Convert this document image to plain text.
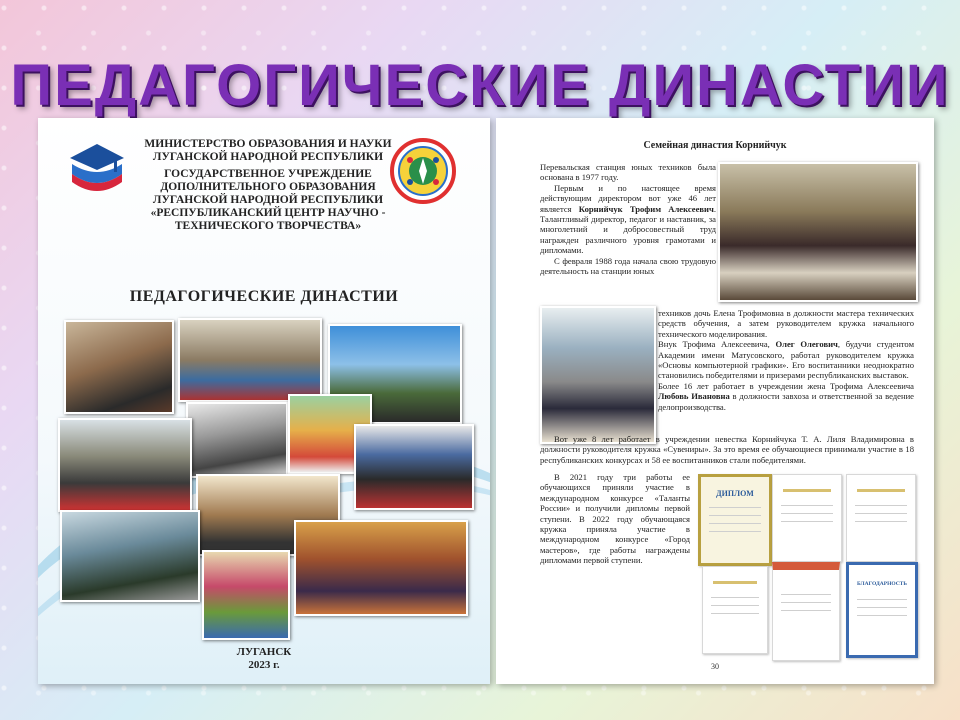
ПЕДАГОГИЧЕСКИЕ ДИНАСТИИ
МИНИСТЕРСТВО ОБРАЗОВАНИЯ И НАУКИ
ЛУГАНСКОЙ НАРОДНОЙ РЕСПУБЛИКИ
ГОСУДАРСТВЕННОЕ УЧРЕЖДЕНИЕ
ДОПОЛНИТЕЛЬНОГО ОБРАЗОВАНИЯ
ЛУГАНСКОЙ НАРОДНОЙ РЕСПУБЛИКИ
«РЕСПУБЛИКАНСКИЙ ЦЕНТР НАУЧНО - ТЕХНИЧЕСКОГО ТВОРЧЕСТВА»
ПЕДАГОГИЧЕСКИЕ ДИНАСТИИ
ЛУГАНСК
2023 г.
Семейная династия Корнийчук

Перевальская станция юных техников была основана в 1977 году.

Первым и по настоящее время действующим директором вот уже 46 лет является Корнийчук Трофим Алексеевич. Талантливый директор, педагог и наставник, за многолетний и добросовестный труд награжден различного уровня грамотами и дипломами.

С февраля 1988 года начала свою трудовую деятельность на станции юных

техников дочь Елена Трофимовна в должности мастера технических средств обучения, а затем руководителем кружка начального технического моделирования.

Внук Трофима Алексеевича, Олег Олегович, будучи студентом Академии имени Матусовского, работал руководителем кружка «Основы компьютерной графики». Его воспитанники неоднократно становились победителями и призерами республиканских выставок.

Более 16 лет работает в учреждении жена Трофима Алексеевича Любовь Ивановна в должности завхоза и ответственной за ведение делопроизводства.

Вот уже 8 лет работает в учреждении невестка Корнийчука Т. А. Лиля Владимировна в должности руководителя кружка «Сувениры». За это время ее обучающиеся принимали участие в 18 республиканских конкурсах и 58 ее воспитанников стали победителями.

В 2021 году три работы ее обучающихся приняли участие в международном конкурсе «Таланты России» и получили дипломы первой ступени. В 2022 году обучающаяся кружка приняла участие в международном конкурсе «Город мастеров», где работы награждены дипломами первой ступени.

ДИПЛОМ
БЛАГОДАРНОСТЬ
30
